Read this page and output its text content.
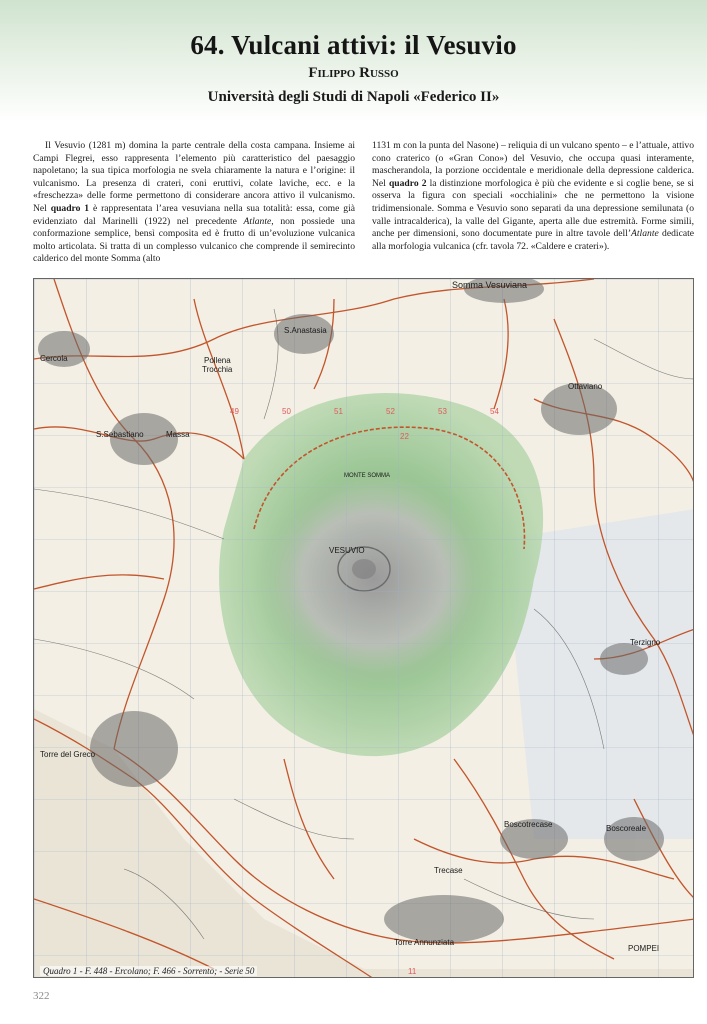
64. Vulcani attivi: il Vesuvio
Filippo Russo
Università degli Studi di Napoli «Federico II»
Il Vesuvio (1281 m) domina la parte centrale della costa campana. Insieme ai Campi Flegrei, esso rappresenta l’elemento più caratteristico del paesaggio napoletano; la sua tipica morfologia ne svela chiaramente la natura e l’origine: il vulcanismo. La presenza di crateri, coni eruttivi, colate laviche, ecc. e la «freschezza» delle forme permettono di considerare ancora attivo il vulcanismo. Nel quadro 1 è rappresentata l’area vesuviana nella sua totalità: essa, come già evidenziato dal Marinelli (1922) nel precedente Atlante, non possiede una conformazione semplice, bensì composita ed è frutto di un’evoluzione vulcanica molto articolata. Si tratta di un complesso vulcanico che comprende il semirecinto calderico del monte Somma (alto
1131 m con la punta del Nasone) – reliquia di un vulcano spento – e l’attuale, attivo cono craterico (o «Gran Cono») del Vesuvio, che occupa quasi interamente, mascherandola, la porzione occidentale e meridionale della depressione calderica. Nel quadro 2 la distinzione morfologica è più che evidente e si coglie bene, se si osserva la figura con speciali «occhialini» che ne permettono la visione tridimensionale. Somma e Vesuvio sono separati da una depressione semilunata (o valle intracalderica), la valle del Gigante, aperta alle due estremità. Forme simili, anche per dimensioni, sono documentate pure in altre tavole dell’Atlante dedicate alla morfologia vulcanica (cfr. tavola 72. «Caldere e crateri»).
49	50	51	52	53	54
22
11
Somma Vesuviana
S.Anastasia
Cercola	Pollena
Trocchia
S.Sebastiano	Massa
Ottaviano
MONTE SOMMA
VESUVIO
Terzigno
Torre del Greco
Boscotrecase	Boscoreale
Trecase
Torre Annunziata
POMPEI
Quadro 1 - F. 448 - Ercolano; F. 466 - Sorrento; - Serie 50
322
